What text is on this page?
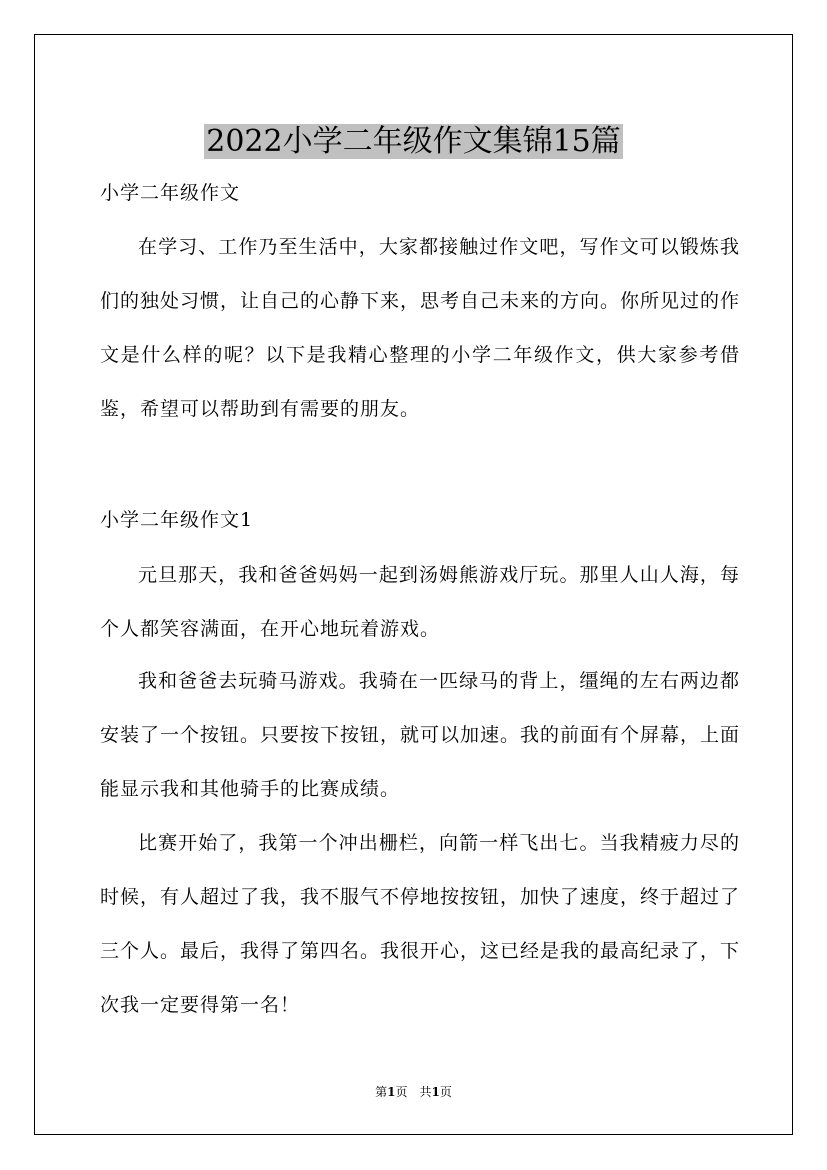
2022小学二年级作文集锦15篇

小学二年级作文

在学习、工作乃至生活中，大家都接触过作文吧，写作文可以锻炼我们的独处习惯，让自己的心静下来，思考自己未来的方向。你所见过的作文是什么样的呢？以下是我精心整理的小学二年级作文，供大家参考借鉴，希望可以帮助到有需要的朋友。

小学二年级作文1

元旦那天，我和爸爸妈妈一起到汤姆熊游戏厅玩。那里人山人海，每个人都笑容满面，在开心地玩着游戏。

我和爸爸去玩骑马游戏。我骑在一匹绿马的背上，缰绳的左右两边都安装了一个按钮。只要按下按钮，就可以加速。我的前面有个屏幕，上面能显示我和其他骑手的比赛成绩。

比赛开始了，我第一个冲出栅栏，向箭一样飞出七。当我精疲力尽的时候，有人超过了我，我不服气不停地按按钮，加快了速度，终于超过了三个人。最后，我得了第四名。我很开心，这已经是我的最高纪录了，下次我一定要得第一名！

第1页 共1页
